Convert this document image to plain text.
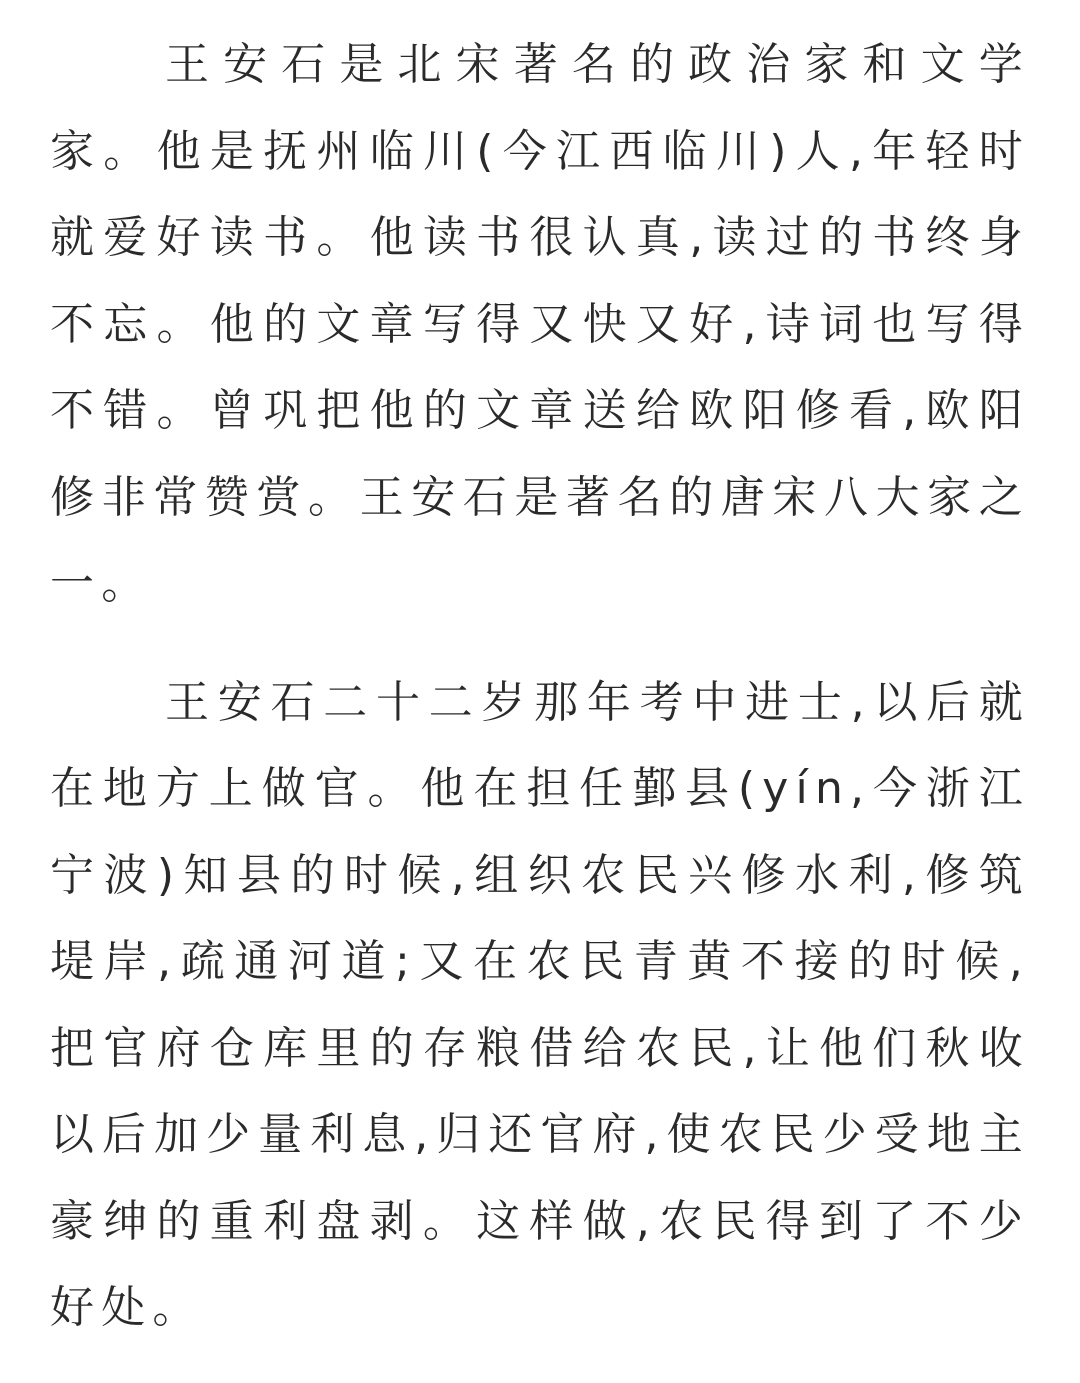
王安石是北宋著名的政治家和文学家。他是抚州临川(今江西临川)人,年轻时就爱好读书。他读书很认真,读过的书终身不忘。他的文章写得又快又好,诗词也写得不错。曾巩把他的文章送给欧阳修看,欧阳修非常赞赏。王安石是著名的唐宋八大家之一。

王安石二十二岁那年考中进士,以后就在地方上做官。他在担任鄞县(yín,今浙江宁波)知县的时候,组织农民兴修水利,修筑堤岸,疏通河道;又在农民青黄不接的时候,把官府仓库里的存粮借给农民,让他们秋收以后加少量利息,归还官府,使农民少受地主豪绅的重利盘剥。这样做,农民得到了不少好处。
